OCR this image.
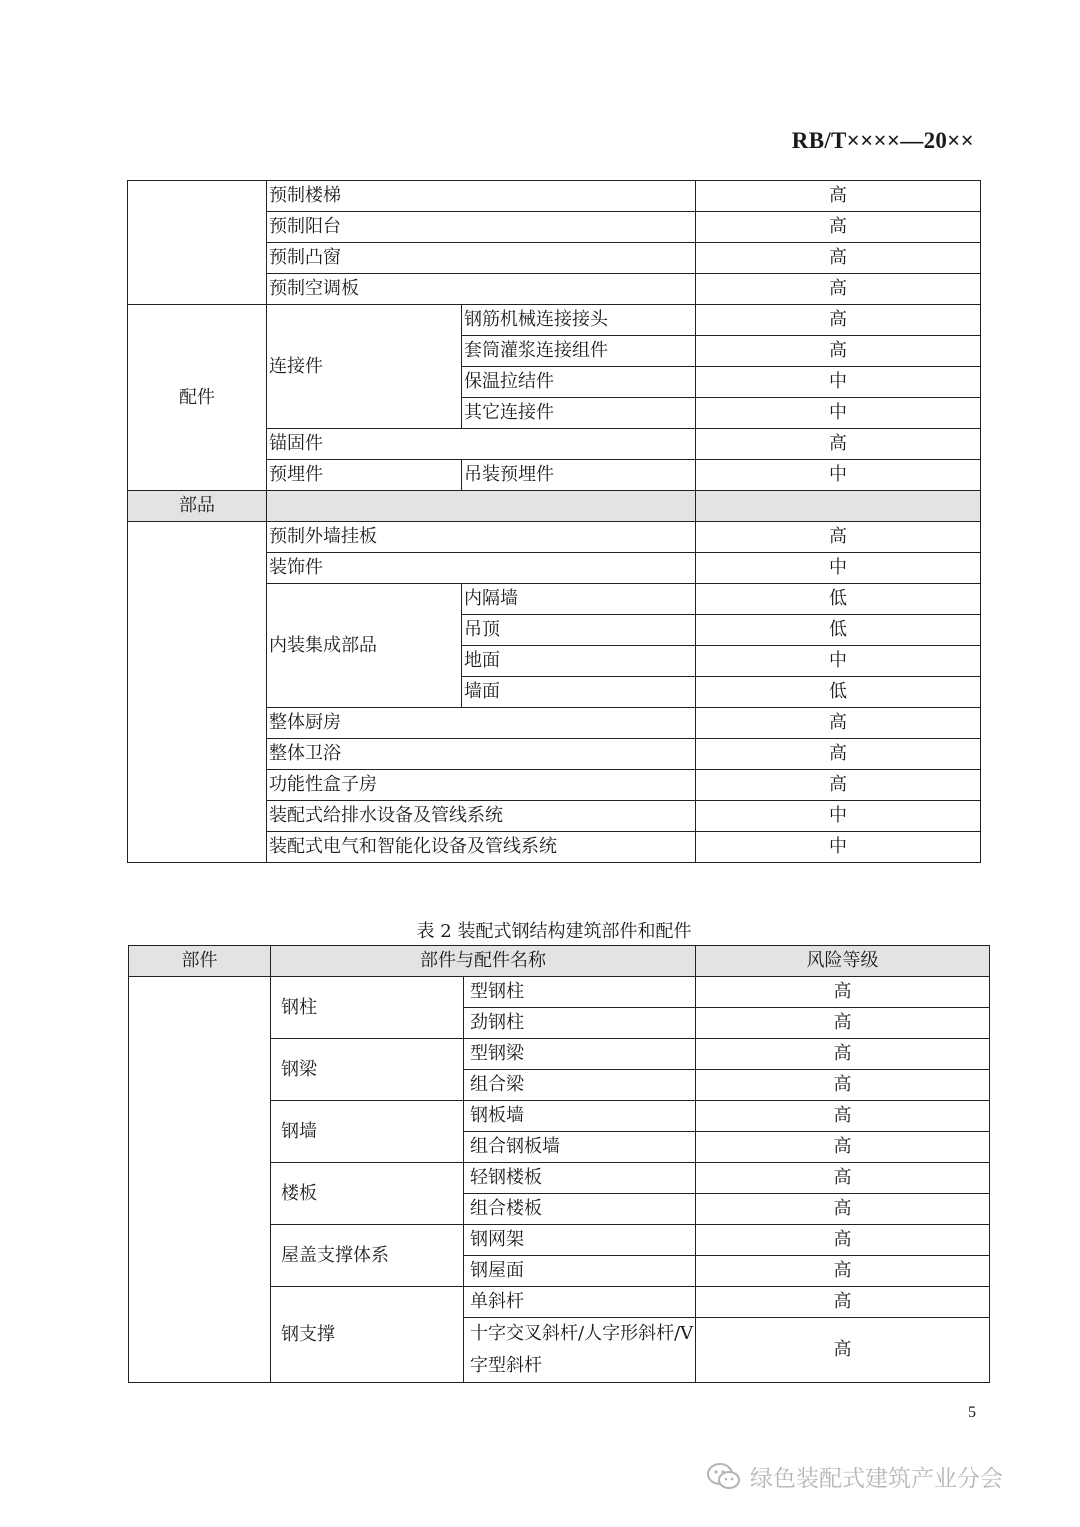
RB/T××××—20××
	预制楼梯		高
	预制阳台		高
	预制凸窗		高
	预制空调板		高
配件	连接件	钢筋机械连接接头	高
		套筒灌浆连接组件	高
		保温拉结件	中
		其它连接件	中
	锚固件		高
	预埋件	吊装预埋件	中
部品			
	预制外墙挂板		高
	装饰件		中
	内装集成部品	内隔墙	低
		吊顶	低
		地面	中
		墙面	低
	整体厨房		高
	整体卫浴		高
	功能性盒子房		高
	装配式给排水设备及管线系统		中
	装配式电气和智能化设备及管线系统		中
表 2 装配式钢结构建筑部件和配件
部件	部件与配件名称		风险等级
	钢柱	型钢柱	高
		劲钢柱	高
	钢梁	型钢梁	高
		组合梁	高
	钢墙	钢板墙	高
		组合钢板墙	高
	楼板	轻钢楼板	高
		组合楼板	高
	屋盖支撑体系	钢网架	高
		钢屋面	高
	钢支撑	单斜杆	高
		十字交叉斜杆/人字形斜杆/V 字型斜杆	高
5
绿色装配式建筑产业分会
